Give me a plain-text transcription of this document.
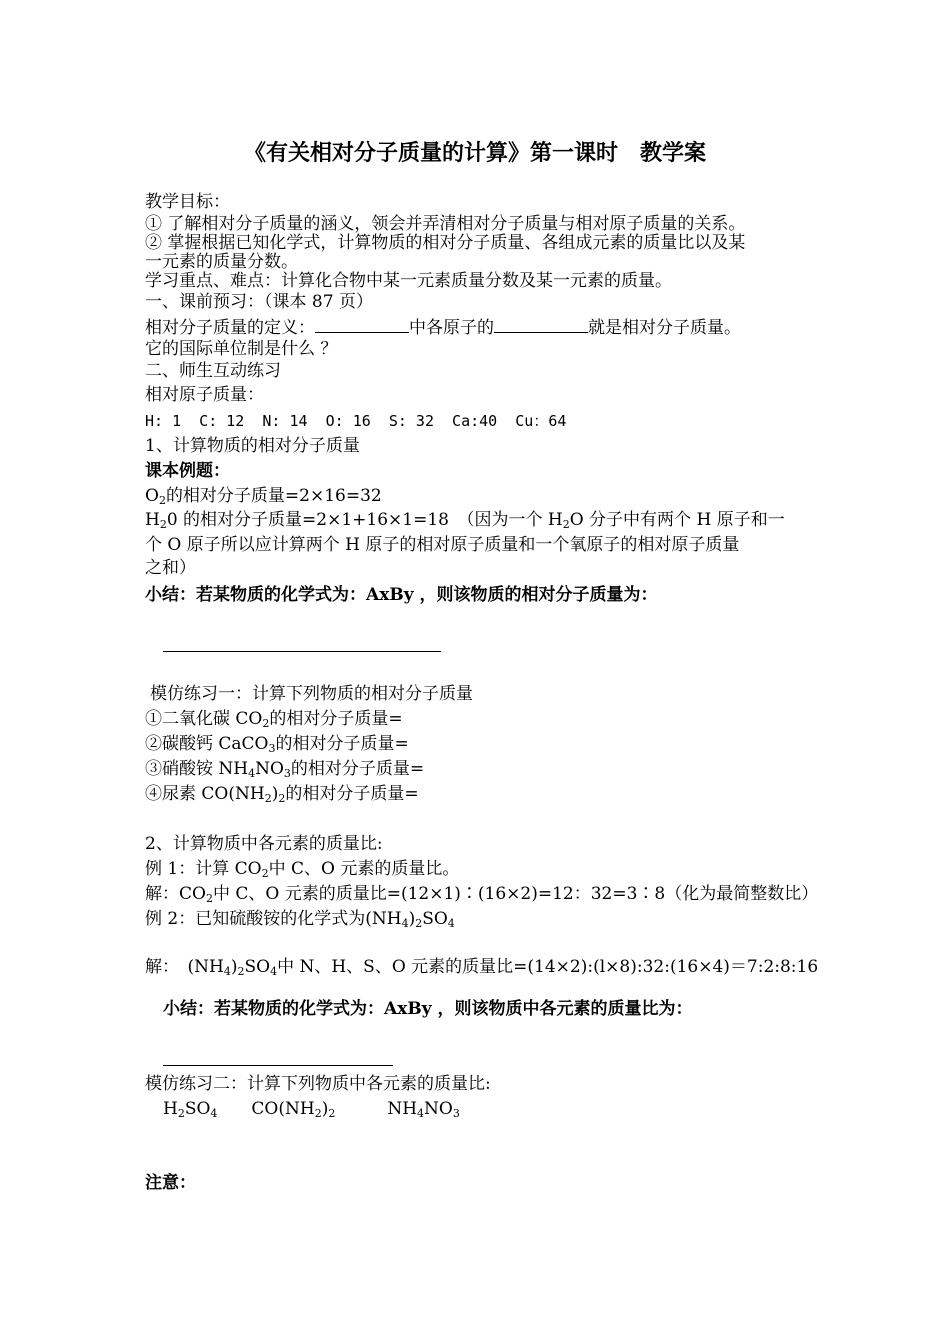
《有关相对分子质量的计算》第一课时　教学案
教学目标：
① 了解相对分子质量的涵义，领会并弄清相对分子质量与相对原子质量的关系。
② 掌握根据已知化学式，计算物质的相对分子质量、各组成元素的质量比以及某
一元素的质量分数。
学习重点、难点：计算化合物中某一元素质量分数及某一元素的质量。
一、课前预习：（课本 87 页）
相对分子质量的定义：	中各原子的	就是相对分子质量。
它的国际单位制是什么 ？
二、师生互动练习
相对原子质量：
H: 1  C: 12  N: 14  O: 16  S: 32  Ca:40  Cu：64
1、计算物质的相对分子质量
课本例题：
$O_2$的相对分子质量=2×16=32
$H_20$ 的相对分子质量=2×1+16×1=18　（因为一个 $H_2O$ 分子中有两个 H 原子和一
个 O 原子所以应计算两个 H 原子的相对原子质量和一个氧原子的相对原子质量
之和）
小结：若某物质的化学式为：AxBy ，则该物质的相对分子质量为：
模仿练习一：计算下列物质的相对分子质量
①二氧化碳 $CO_2$的相对分子质量=
②碳酸钙 CaCO$_3$的相对分子质量=
③硝酸铵 $NH_4NO_3$的相对分子质量=
④尿素 $CO(NH_2)_2$的相对分子质量=
2、计算物质中各元素的质量比:
例 1：计算 $CO_2$中 C、O 元素的质量比。
解：$CO_2$中 C、O 元素的质量比=(12×1)∶(16×2)=12：32=3∶8（化为最简整数比）
例 2：已知硫酸铵的化学式为$(NH_4)_2SO_4$
解：　$(NH_4)_2SO_4$中 N、H、S、O 元素的质量比=(14×2):(l×8):32:(16×4)＝7:2:8:16
小结：若某物质的化学式为：AxBy ，则该物质中各元素的质量比为：
模仿练习二：计算下列物质中各元素的质量比:
$H_2SO_4$ $CO(NH_2)_2$	$NH_4NO_3$
注意：
